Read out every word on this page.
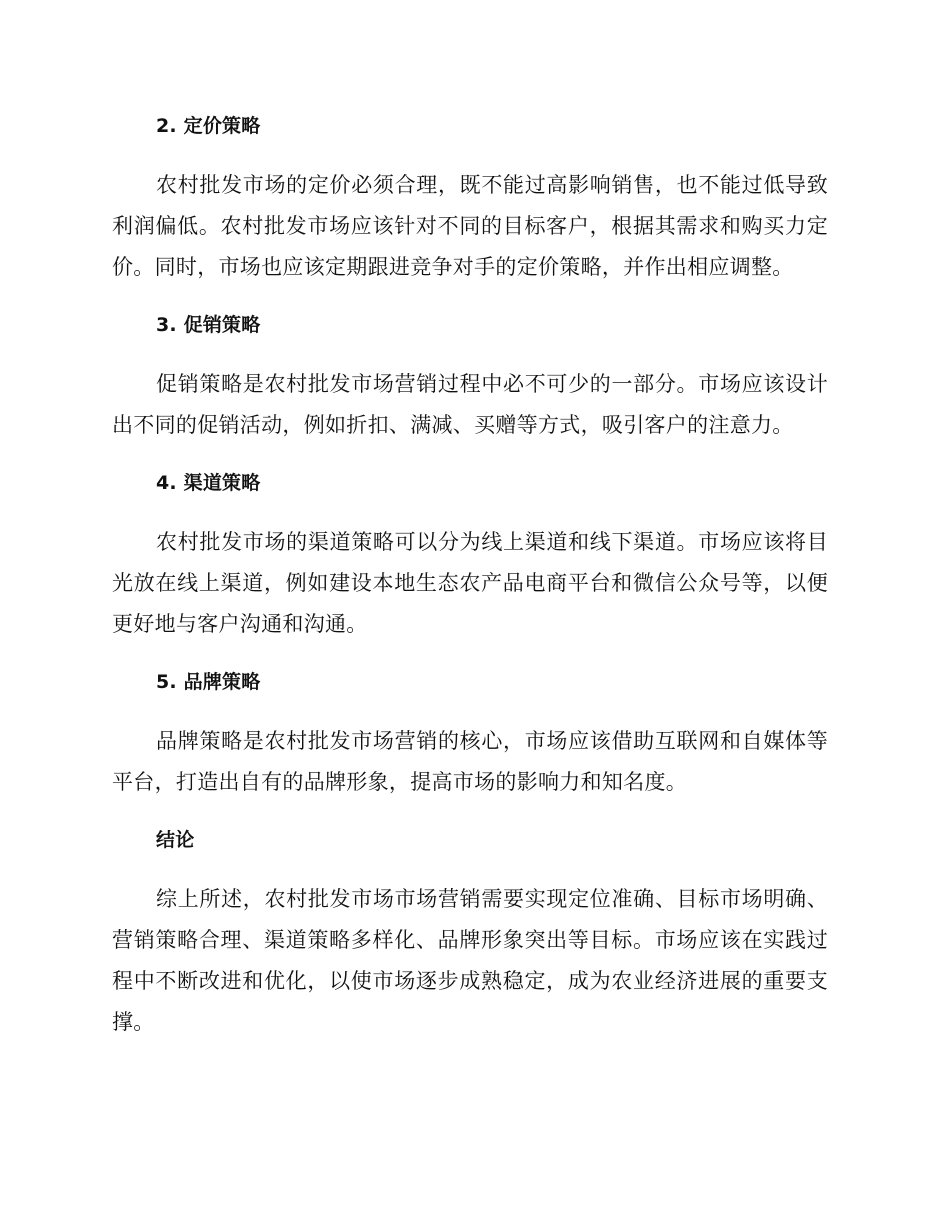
2. 定价策略

农村批发市场的定价必须合理，既不能过高影响销售，也不能过低导致利润偏低。农村批发市场应该针对不同的目标客户，根据其需求和购买力定价。同时，市场也应该定期跟进竞争对手的定价策略，并作出相应调整。

3. 促销策略

促销策略是农村批发市场营销过程中必不可少的一部分。市场应该设计出不同的促销活动，例如折扣、满减、买赠等方式，吸引客户的注意力。

4. 渠道策略

农村批发市场的渠道策略可以分为线上渠道和线下渠道。市场应该将目光放在线上渠道，例如建设本地生态农产品电商平台和微信公众号等，以便更好地与客户沟通和沟通。

5. 品牌策略

品牌策略是农村批发市场营销的核心，市场应该借助互联网和自媒体等平台，打造出自有的品牌形象，提高市场的影响力和知名度。

结论

综上所述，农村批发市场市场营销需要实现定位准确、目标市场明确、营销策略合理、渠道策略多样化、品牌形象突出等目标。市场应该在实践过程中不断改进和优化，以使市场逐步成熟稳定，成为农业经济进展的重要支撑。
